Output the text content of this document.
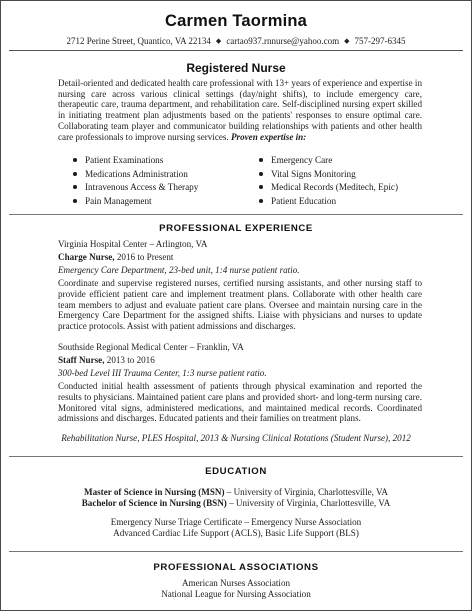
Carmen Taormina
2712 Perine Street, Quantico, VA 22134 ◆ cartao937.rnnurse@yahoo.com ◆ 757-297-6345
Registered Nurse
Detail-oriented and dedicated health care professional with 13+ years of experience and expertise in nursing care across various clinical settings (day/night shifts), to include emergency care, therapeutic care, trauma department, and rehabilitation care. Self-disciplined nursing expert skilled in initiating treatment plan adjustments based on the patients' responses to ensure optimal care. Collaborating team player and communicator building relationships with patients and other health care professionals to improve nursing services. Proven expertise in:
Patient Examinations
Medications Administration
Intravenous Access & Therapy
Pain Management
Emergency Care
Vital Signs Monitoring
Medical Records (Meditech, Epic)
Patient Education
PROFESSIONAL EXPERIENCE
Virginia Hospital Center – Arlington, VA
Charge Nurse, 2016 to Present
Emergency Care Department, 23-bed unit, 1:4 nurse patient ratio.
Coordinate and supervise registered nurses, certified nursing assistants, and other nursing staff to provide efficient patient care and implement treatment plans. Collaborate with other health care team members to adjust and evaluate patient care plans. Oversee and maintain nursing care in the Emergency Care Department for the assigned shifts. Liaise with physicians and nurses to update practice protocols. Assist with patient admissions and discharges.
Southside Regional Medical Center – Franklin, VA
Staff Nurse, 2013 to 2016
300-bed Level III Trauma Center, 1:3 nurse patient ratio.
Conducted initial health assessment of patients through physical examination and reported the results to physicians. Maintained patient care plans and provided short- and long-term nursing care. Monitored vital signs, administered medications, and maintained medical records. Coordinated admissions and discharges. Educated patients and their families on treatment plans.
Rehabilitation Nurse, PLES Hospital, 2013 & Nursing Clinical Rotations (Student Nurse), 2012
EDUCATION
Master of Science in Nursing (MSN) – University of Virginia, Charlottesville, VA
Bachelor of Science in Nursing (BSN) – University of Virginia, Charlottesville, VA
Emergency Nurse Triage Certificate – Emergency Nurse Association
Advanced Cardiac Life Support (ACLS), Basic Life Support (BLS)
PROFESSIONAL ASSOCIATIONS
American Nurses Association
National League for Nursing Association
